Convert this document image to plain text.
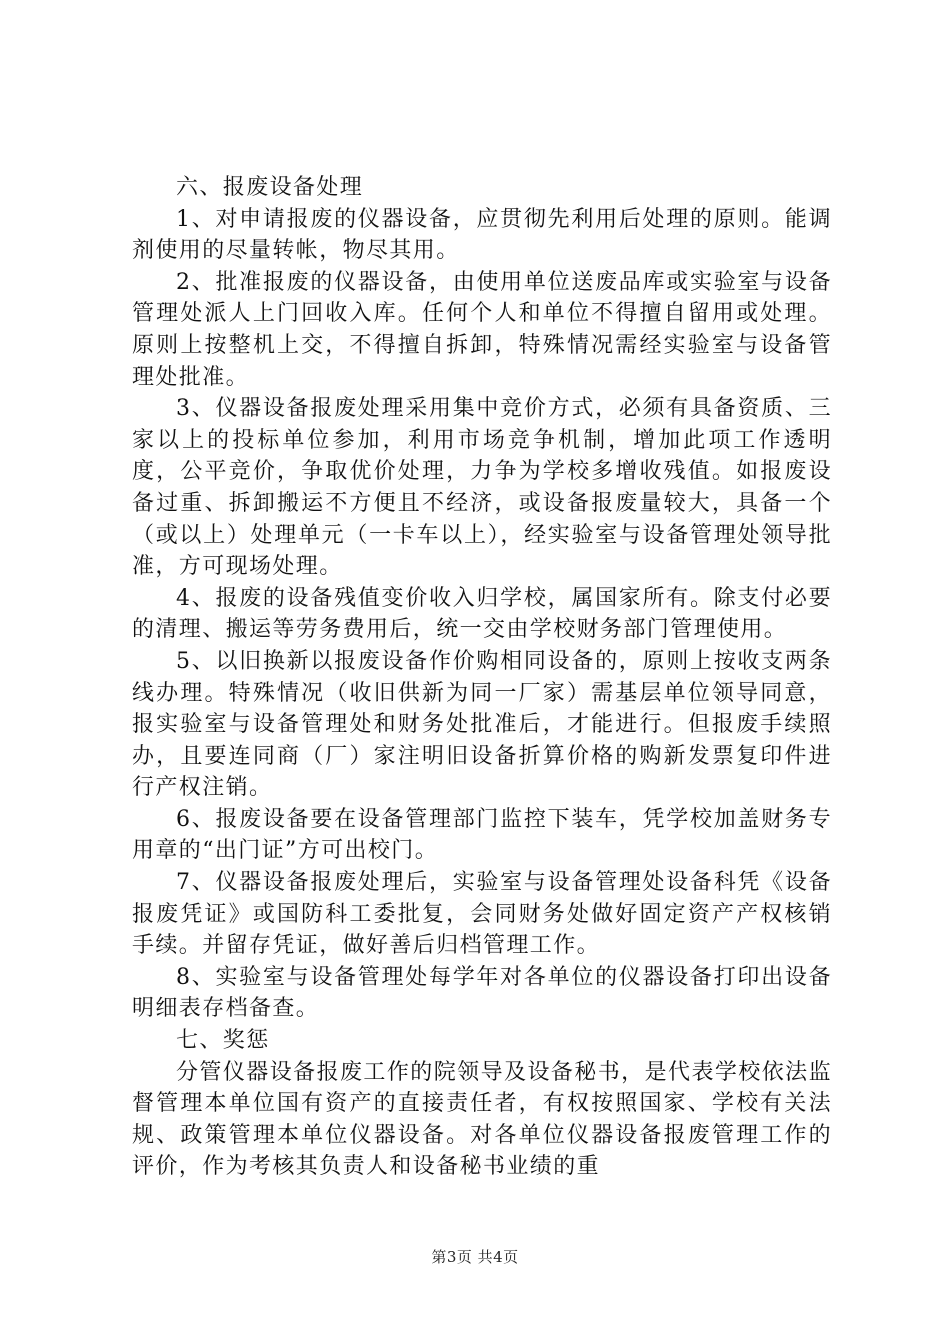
六、报废设备处理

1、对申请报废的仪器设备，应贯彻先利用后处理的原则。能调剂使用的尽量转帐，物尽其用。

2、批准报废的仪器设备，由使用单位送废品库或实验室与设备管理处派人上门回收入库。任何个人和单位不得擅自留用或处理。原则上按整机上交，不得擅自拆卸，特殊情况需经实验室与设备管理处批准。

3、仪器设备报废处理采用集中竞价方式，必须有具备资质、三家以上的投标单位参加，利用市场竞争机制，增加此项工作透明度，公平竞价，争取优价处理，力争为学校多增收残值。如报废设备过重、拆卸搬运不方便且不经济，或设备报废量较大，具备一个（或以上）处理单元（一卡车以上），经实验室与设备管理处领导批准，方可现场处理。

4、报废的设备残值变价收入归学校，属国家所有。除支付必要的清理、搬运等劳务费用后，统一交由学校财务部门管理使用。

5、以旧换新以报废设备作价购相同设备的，原则上按收支两条线办理。特殊情况（收旧供新为同一厂家）需基层单位领导同意，报实验室与设备管理处和财务处批准后，才能进行。但报废手续照办，且要连同商（厂）家注明旧设备折算价格的购新发票复印件进行产权注销。

6、报废设备要在设备管理部门监控下装车，凭学校加盖财务专用章的“出门证”方可出校门。

7、仪器设备报废处理后，实验室与设备管理处设备科凭《设备报废凭证》或国防科工委批复，会同财务处做好固定资产产权核销手续。并留存凭证，做好善后归档管理工作。

8、实验室与设备管理处每学年对各单位的仪器设备打印出设备明细表存档备查。

七、奖惩

分管仪器设备报废工作的院领导及设备秘书，是代表学校依法监督管理本单位国有资产的直接责任者，有权按照国家、学校有关法规、政策管理本单位仪器设备。对各单位仪器设备报废管理工作的评价，作为考核其负责人和设备秘书业绩的重

第3页 共4页
